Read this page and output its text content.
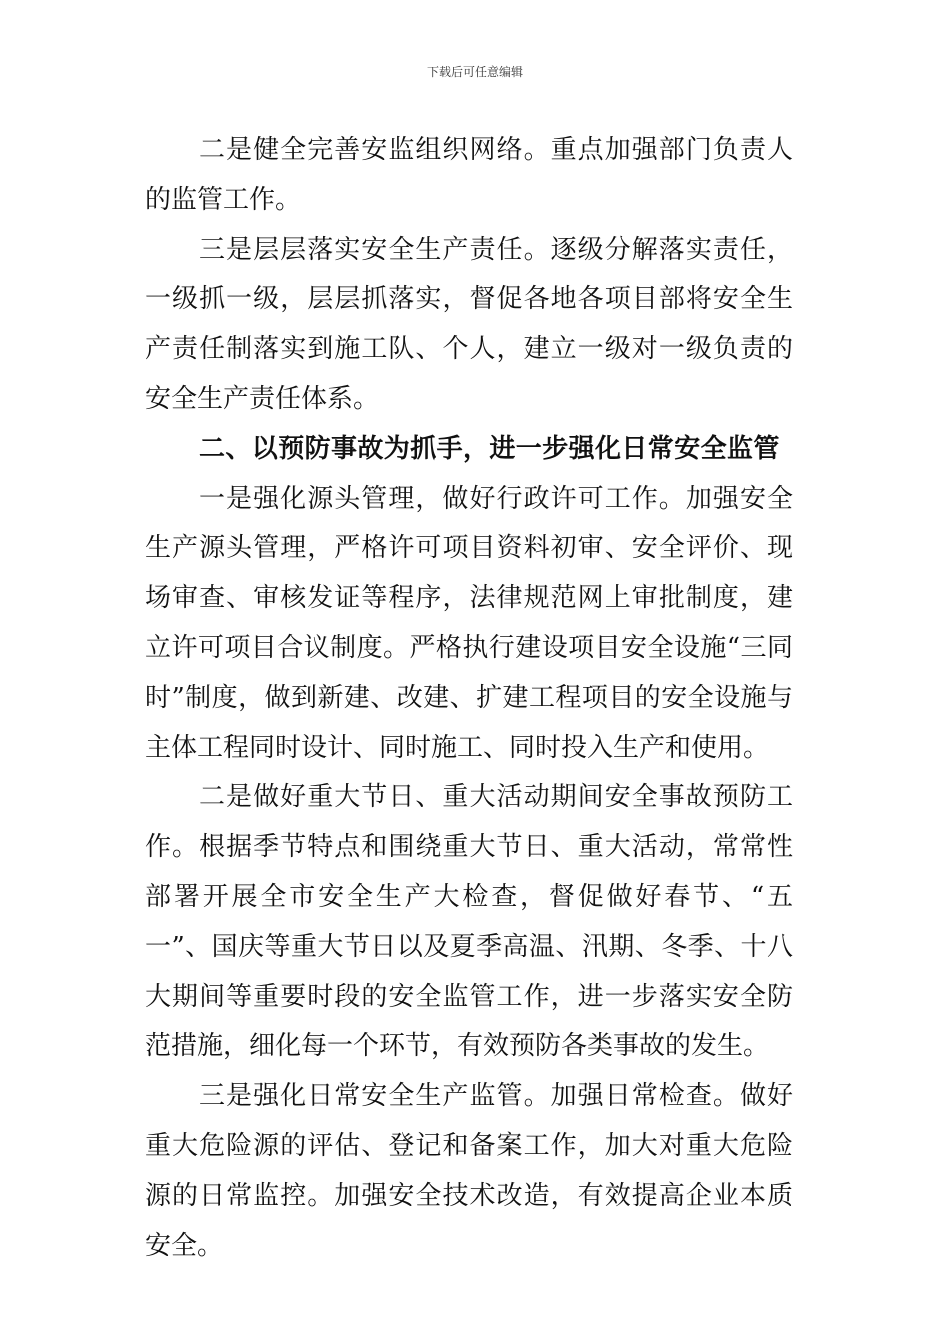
下载后可任意编辑

二是健全完善安监组织网络。重点加强部门负责人的监管工作。

三是层层落实安全生产责任。逐级分解落实责任，一级抓一级，层层抓落实，督促各地各项目部将安全生产责任制落实到施工队、个人，建立一级对一级负责的安全生产责任体系。

二、以预防事故为抓手，进一步强化日常安全监管

一是强化源头管理，做好行政许可工作。加强安全生产源头管理，严格许可项目资料初审、安全评价、现场审查、审核发证等程序，法律规范网上审批制度，建立许可项目合议制度。严格执行建设项目安全设施“三同时”制度，做到新建、改建、扩建工程项目的安全设施与主体工程同时设计、同时施工、同时投入生产和使用。

二是做好重大节日、重大活动期间安全事故预防工作。根据季节特点和围绕重大节日、重大活动，常常性部署开展全市安全生产大检查，督促做好春节、“五一”、国庆等重大节日以及夏季高温、汛期、冬季、十八大期间等重要时段的安全监管工作，进一步落实安全防范措施，细化每一个环节，有效预防各类事故的发生。

三是强化日常安全生产监管。加强日常检查。做好重大危险源的评估、登记和备案工作，加大对重大危险源的日常监控。加强安全技术改造，有效提高企业本质安全。
